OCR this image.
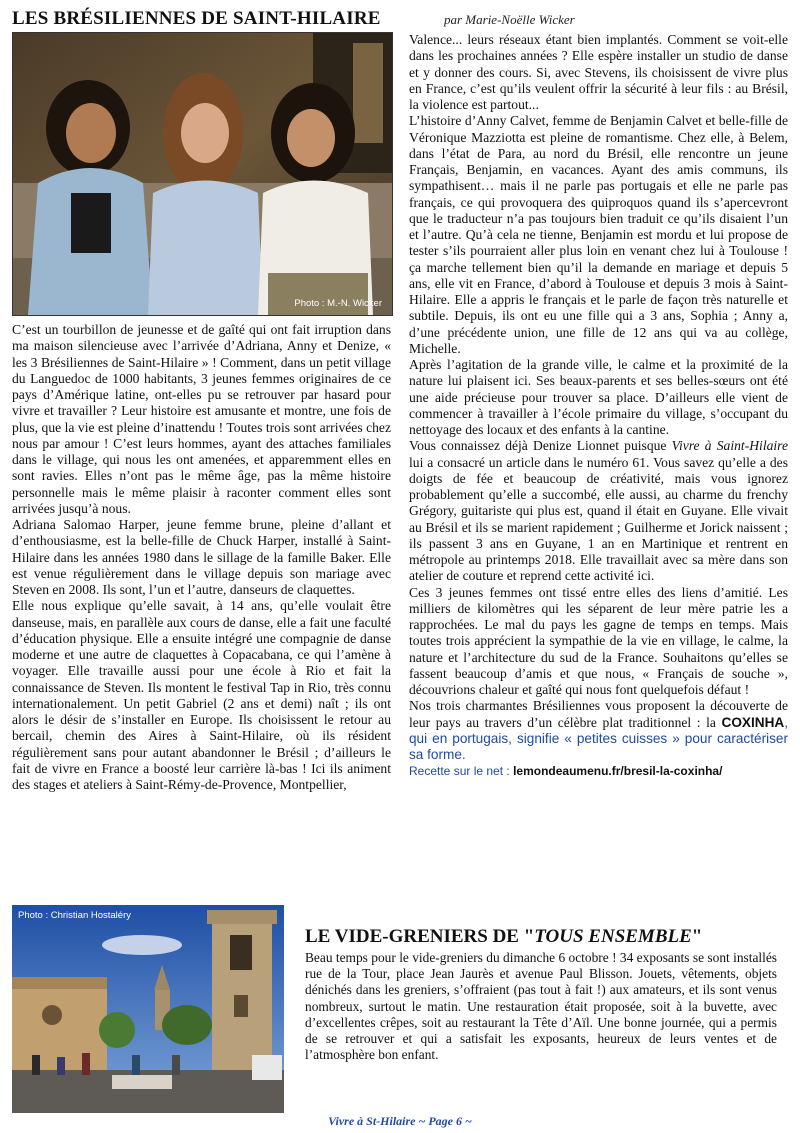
LES BRÉSILIENNES DE SAINT-HILAIRE	par Marie-Noëlle Wicker
Photo : M.-N. Wicker

C’est un tourbillon de jeunesse et de gaîté qui ont fait irruption dans ma maison silencieuse avec l’arrivée d’Adriana, Anny et Denize, « les 3 Brésiliennes de Saint-Hilaire » ! Comment, dans un petit village du Languedoc de 1000 habitants, 3 jeunes femmes originaires de ce pays d’Amérique latine, ont-elles pu se retrouver par hasard pour vivre et travailler ? Leur histoire est amusante et montre, une fois de plus, que la vie est pleine d’inattendu ! Toutes trois sont arrivées chez nous par amour ! C’est leurs hommes, ayant des attaches familiales dans le village, qui nous les ont amenées, et apparemment elles en sont ravies. Elles n’ont pas le même âge, pas la même histoire personnelle mais le même plaisir à raconter comment elles sont arrivées jusqu’à nous.

Adriana Salomao Harper, jeune femme brune, pleine d’allant et d’enthousiasme, est la belle-fille de Chuck Harper, installé à Saint-Hilaire dans les années 1980 dans le sillage de la famille Baker. Elle est venue régulièrement dans le village depuis son mariage avec Steven en 2008. Ils sont, l’un et l’autre, danseurs de claquettes.

Elle nous explique qu’elle savait, à 14 ans, qu’elle voulait être danseuse, mais, en parallèle aux cours de danse, elle a fait une faculté d’éducation physique. Elle a ensuite intégré une compagnie de danse moderne et une autre de claquettes à Copacabana, ce qui l’amène à voyager. Elle travaille aussi pour une école à Rio et fait la connaissance de Steven. Ils montent le festival Tap in Rio, très connu internationalement. Un petit Gabriel (2 ans et demi) naît ; ils ont alors le désir de s’installer en Europe. Ils choisissent le retour au bercail, chemin des Aires à Saint-Hilaire, où ils résident régulièrement sans pour autant abandonner le Brésil ; d’ailleurs le fait de vivre en France a boosté leur carrière là-bas ! Ici ils animent des stages et ateliers à Saint-Rémy-de-Provence, Montpellier,

Valence... leurs réseaux étant bien implantés. Comment se voit-elle dans les prochaines années ? Elle espère installer un studio de danse et y donner des cours. Si, avec Stevens, ils choisissent de vivre plus en France, c’est qu’ils veulent offrir la sécurité à leur fils : au Brésil, la violence est partout...

L’histoire d’Anny Calvet, femme de Benjamin Calvet et belle-fille de Véronique Mazziotta est pleine de romantisme. Chez elle, à Belem, dans l’état de Para, au nord du Brésil, elle rencontre un jeune Français, Benjamin, en vacances. Ayant des amis communs, ils sympathisent… mais il ne parle pas portugais et elle ne parle pas français, ce qui provoquera des quiproquos quand ils s’apercevront que le traducteur n’a pas toujours bien traduit ce qu’ils disaient l’un et l’autre. Qu’à cela ne tienne, Benjamin est mordu et lui propose de tester s’ils pourraient aller plus loin en venant chez lui à Toulouse ! ça marche tellement bien qu’il la demande en mariage et depuis 5 ans, elle vit en France, d’abord à Toulouse et depuis 3 mois à Saint-Hilaire. Elle a appris le français et le parle de façon très naturelle et subtile. Depuis, ils ont eu une fille qui a 3 ans, Sophia ; Anny a, d’une précédente union, une fille de 12 ans qui va au collège, Michelle.

Après l’agitation de la grande ville, le calme et la proximité de la nature lui plaisent ici. Ses beaux-parents et ses belles-sœurs ont été une aide précieuse pour trouver sa place. D’ailleurs elle vient de commencer à travailler à l’école primaire du village, s’occupant du nettoyage des locaux et des enfants à la cantine.

Vous connaissez déjà Denize Lionnet puisque Vivre à Saint-Hilaire lui a consacré un article dans le numéro 61. Vous savez qu’elle a des doigts de fée et beaucoup de créativité, mais vous ignorez probablement qu’elle a succombé, elle aussi, au charme du frenchy Grégory, guitariste qui plus est, quand il était en Guyane. Elle vivait au Brésil et ils se marient rapidement ; Guilherme et Jorick naissent ; ils passent 3 ans en Guyane, 1 an en Martinique et rentrent en métropole au printemps 2018. Elle travaillait avec sa mère dans son atelier de couture et reprend cette activité ici.

Ces 3 jeunes femmes ont tissé entre elles des liens d’amitié. Les milliers de kilomètres qui les séparent de leur mère patrie les a rapprochées. Le mal du pays les gagne de temps en temps. Mais toutes trois apprécient la sympathie de la vie en village, le calme, la nature et l’architecture du sud de la France. Souhaitons qu’elles se fassent beaucoup d’amis et que nous, « Français de souche », découvrions chaleur et gaîté qui nous font quelquefois défaut !

Nos trois charmantes Brésiliennes vous proposent la découverte de leur pays au travers d’un célèbre plat traditionnel : la COXINHA, qui en portugais, signifie « petites cuisses » pour caractériser sa forme.

Recette sur le net : lemondeaumenu.fr/bresil-la-coxinha/

Photo : Christian Hostaléry
LE VIDE-GRENIERS DE "TOUS ENSEMBLE"
Beau temps pour le vide-greniers du dimanche 6 octobre ! 34 exposants se sont installés rue de la Tour, place Jean Jaurès et avenue Paul Blisson. Jouets, vêtements, objets dénichés dans les greniers, s’offraient (pas tout à fait !) aux amateurs, et ils sont venus nombreux, surtout le matin. Une restauration était proposée, soit à la buvette, avec d’excellentes crêpes, soit au restaurant la Tête d’Aïl. Une bonne journée, qui a permis de se retrouver et qui a satisfait les exposants, heureux de leurs ventes et de l’atmosphère bon enfant.
Vivre à St-Hilaire ~ Page 6 ~
